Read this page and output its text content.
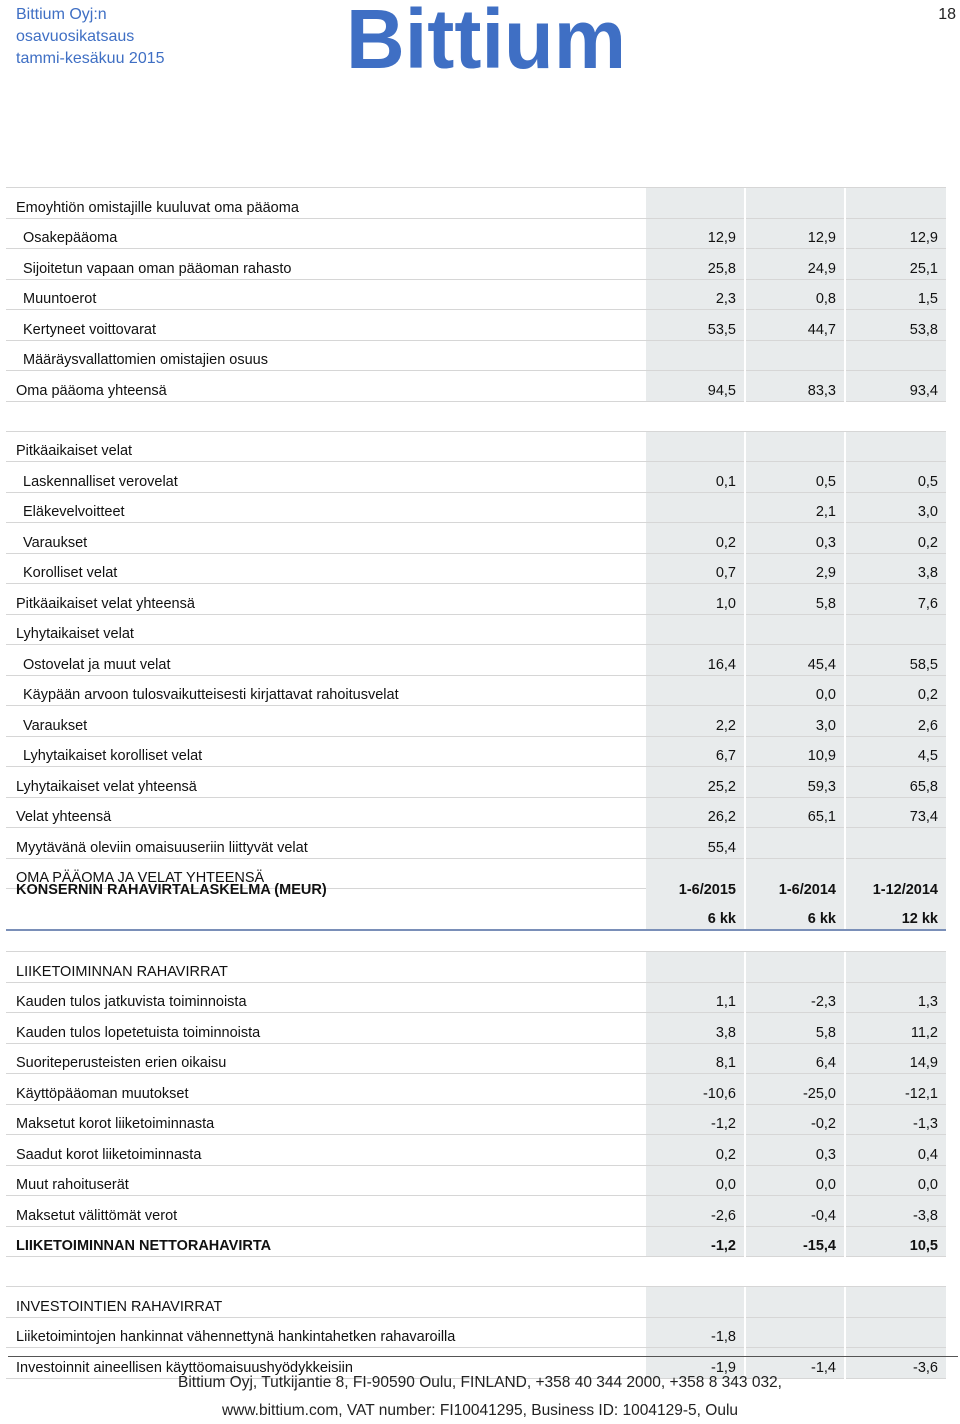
Bittium Oyj:n
osavuosikatsaus
tammi-kesäkuu 2015 Bittium	18
Emoyhtiön omistajille kuuluvat oma pääoma					
Osakepääoma	12,9		12,9		12,9
Sijoitetun vapaan oman pääoman rahasto	25,8		24,9		25,1
Muuntoerot	2,3		0,8		1,5
Kertyneet voittovarat	53,5		44,7		53,8
Määräysvallattomien omistajien osuus					
Oma pääoma yhteensä	94,5		83,3		93,4

Pitkäaikaiset velat					
Laskennalliset verovelat	0,1		0,5		0,5
Eläkevelvoitteet			2,1		3,0
Varaukset	0,2		0,3		0,2
Korolliset velat	0,7		2,9		3,8
Pitkäaikaiset velat yhteensä	1,0		5,8		7,6
Lyhytaikaiset velat					
Ostovelat ja muut velat	16,4		45,4		58,5
Käypään arvoon tulosvaikutteisesti kirjattavat rahoitusvelat			0,0		0,2
Varaukset	2,2		3,0		2,6
Lyhytaikaiset korolliset velat	6,7		10,9		4,5
Lyhytaikaiset velat yhteensä	25,2		59,3		65,8
Velat yhteensä	26,2		65,1		73,4
Myytävänä oleviin omaisuuseriin liittyvät velat	55,4				
OMA PÄÄOMA JA VELAT YHTEENSÄ					
KONSERNIN RAHAVIRTALASKELMA (MEUR)	1-6/2015		1-6/2014		1-12/2014
	6 kk		6 kk		12 kk
LIIKETOIMINNAN RAHAVIRRAT					
Kauden tulos jatkuvista toiminnoista	1,1		-2,3		1,3
Kauden tulos lopetetuista toiminnoista	3,8		5,8		11,2
Suoriteperusteisten erien oikaisu	8,1		6,4		14,9
Käyttöpääoman muutokset	-10,6		-25,0		-12,1
Maksetut korot liiketoiminnasta	-1,2		-0,2		-1,3
Saadut korot liiketoiminnasta	0,2		0,3		0,4
Muut rahoituserät	0,0		0,0		0,0
Maksetut välittömät verot	-2,6		-0,4		-3,8
LIIKETOIMINNAN NETTORAHAVIRTA	-1,2		-15,4		10,5

INVESTOINTIEN RAHAVIRRAT					
Liiketoimintojen hankinnat vähennettynä hankintahetken rahavaroilla	-1,8				
Investoinnit aineellisen käyttöomaisuushyödykkeisiin	-1,9		-1,4		-3,6
Bittium Oyj, Tutkijantie 8, FI-90590 Oulu, FINLAND, +358 40 344 2000, +358 8 343 032,
www.bittium.com, VAT number: FI10041295, Business ID: 1004129-5, Oulu
